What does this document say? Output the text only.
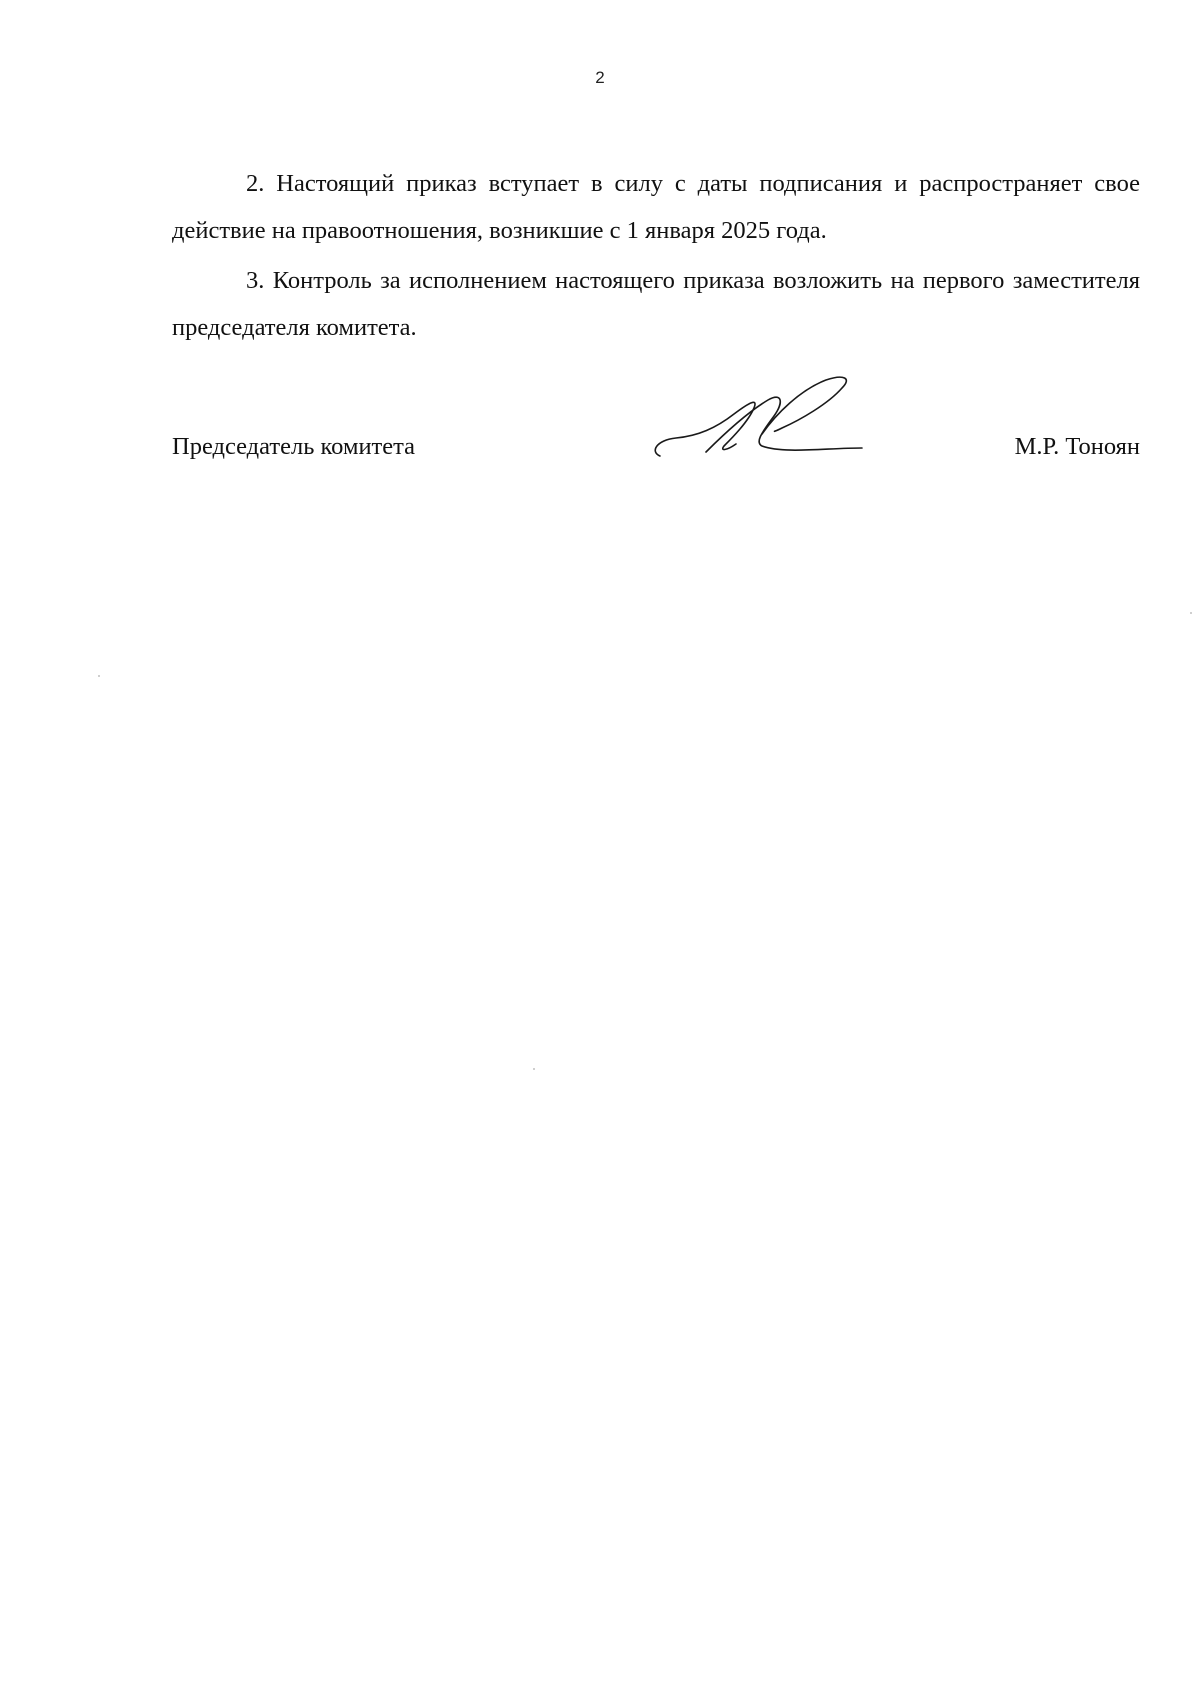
2

2. Настоящий приказ вступает в силу с даты подписания и распространяет свое действие на правоотношения, возникшие с 1 января 2025 года.

3. Контроль за исполнением настоящего приказа возложить на первого заместителя председателя комитета.

Председатель комитета	М.Р. Тоноян
